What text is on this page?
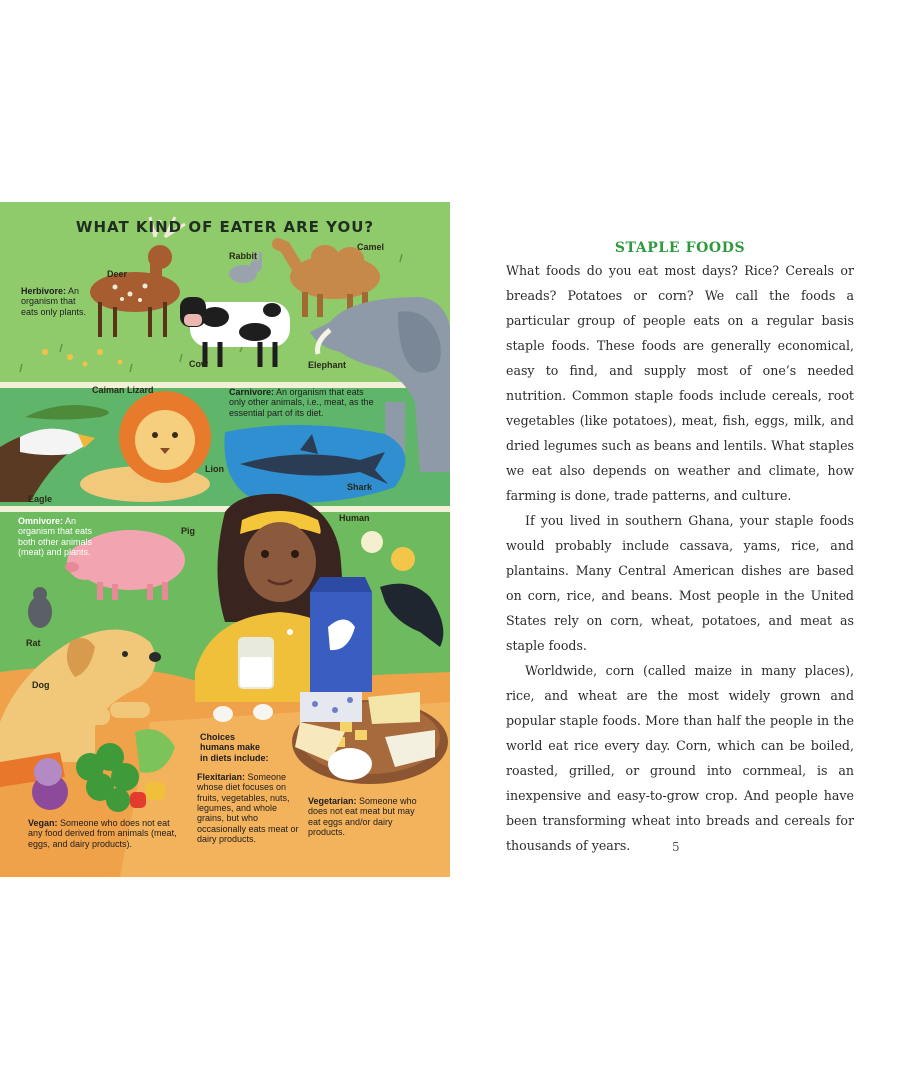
WHAT KIND OF EATER ARE YOU?
Deer
Rabbit
Camel
Cow	Elephant
Caiman Lizard
Lion
Eagle
Shark
Pig
Human
Rat
Dog
Herbivore: An organism that eats only plants.
Carnivore: An organism that eats only other animals, i.e., meat, as the essential part of its diet.
Omnivore: An organism that eats both other animals (meat) and plants.
Choices humans make in diets include:
Flexitarian: Someone whose diet focuses on fruits, vegetables, nuts, legumes, and whole grains, but who occasionally eats meat or dairy products.
Vegetarian: Someone who does not eat meat but may eat eggs and/or dairy products.
Vegan: Someone who does not eat any food derived from animals (meat, eggs, and dairy products).
STAPLE FOODS

What foods do you eat most days? Rice? Cereals or breads? Potatoes or corn? We call the foods a particular group of people eats on a regular basis staple foods. These foods are generally economical, easy to find, and supply most of one’s needed nutrition. Common staple foods include cereals, root vegetables (like potatoes), meat, fish, eggs, milk, and dried legumes such as beans and lentils. What staples we eat also depends on weather and climate, how farming is done, trade patterns, and culture.

If you lived in southern Ghana, your staple foods would probably include cassava, yams, rice, and plantains. Many Central American dishes are based on corn, rice, and beans. Most people in the United States rely on corn, wheat, potatoes, and meat as staple foods.

Worldwide, corn (called maize in many places), rice, and wheat are the most widely grown and popular staple foods. More than half the people in the world eat rice every day. Corn, which can be boiled, roasted, grilled, or ground into cornmeal, is an inexpensive and easy-to-grow crop. And people have been transforming wheat into breads and cereals for thousands of years.	5
